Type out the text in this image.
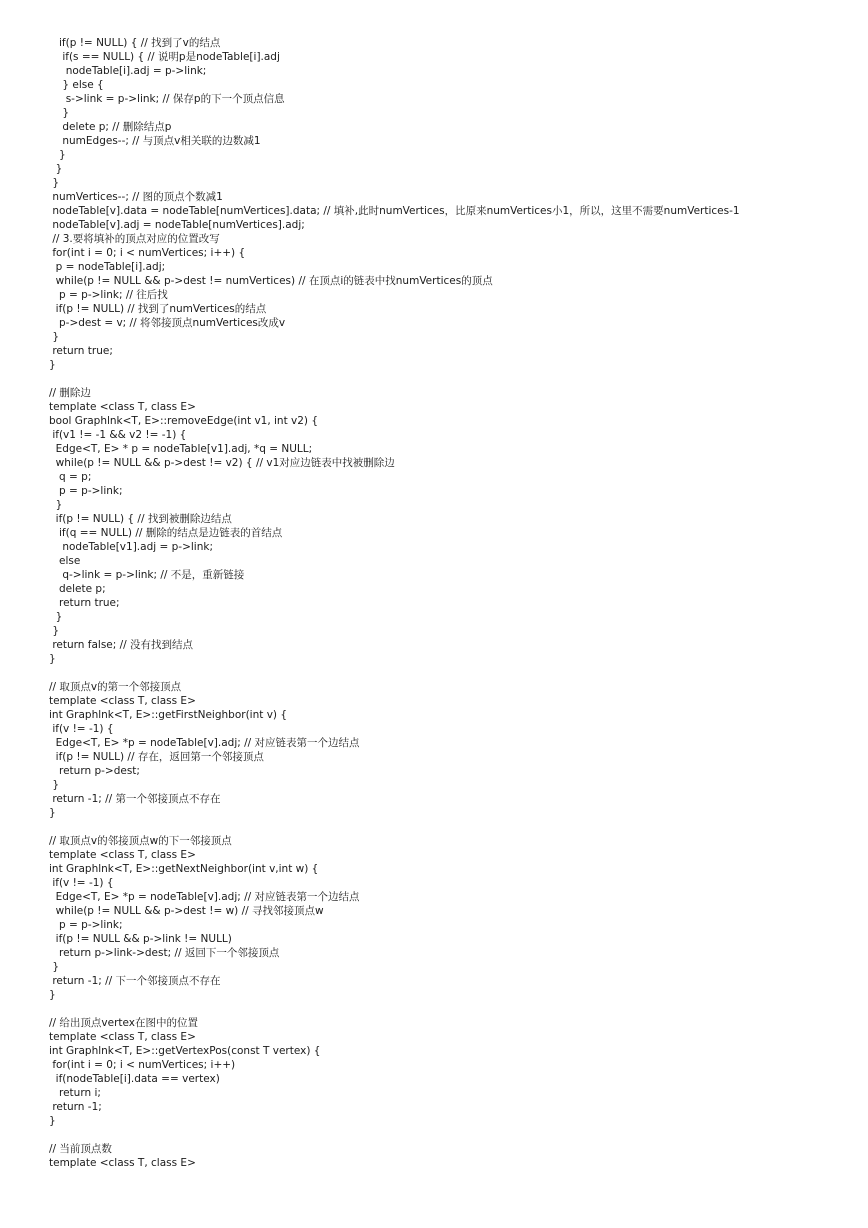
if(p != NULL) { // 找到了v的结点
if(s == NULL) { // 说明p是nodeTable[i].adj
nodeTable[i].adj = p->link;
} else {
s->link = p->link; // 保存p的下一个顶点信息
}
delete p; // 删除结点p
numEdges--; // 与顶点v相关联的边数减1
}
}
}
numVertices--; // 图的顶点个数减1
nodeTable[v].data = nodeTable[numVertices].data; // 填补,此时numVertices，比原来numVertices小1，所以，这里不需要numVertices-1
nodeTable[v].adj = nodeTable[numVertices].adj;
// 3.要将填补的顶点对应的位置改写
for(int i = 0; i < numVertices; i++) {
p = nodeTable[i].adj;
while(p != NULL && p->dest != numVertices) // 在顶点i的链表中找numVertices的顶点
p = p->link; // 往后找
if(p != NULL) // 找到了numVertices的结点
p->dest = v; // 将邻接顶点numVertices改成v
}
return true;
}
// 删除边
template <class T, class E>
bool Graphlnk<T, E>::removeEdge(int v1, int v2) {
if(v1 != -1 && v2 != -1) {
Edge<T, E> * p = nodeTable[v1].adj, *q = NULL;
while(p != NULL && p->dest != v2) { // v1对应边链表中找被删除边
q = p;
p = p->link;
}
if(p != NULL) { // 找到被删除边结点
if(q == NULL) // 删除的结点是边链表的首结点
nodeTable[v1].adj = p->link;
else
q->link = p->link; // 不是，重新链接
delete p;
return true;
}
}
return false; // 没有找到结点
}
// 取顶点v的第一个邻接顶点
template <class T, class E>
int Graphlnk<T, E>::getFirstNeighbor(int v) {
if(v != -1) {
Edge<T, E> *p = nodeTable[v].adj; // 对应链表第一个边结点
if(p != NULL) // 存在，返回第一个邻接顶点
return p->dest;
}
return -1; // 第一个邻接顶点不存在
}
// 取顶点v的邻接顶点w的下一邻接顶点
template <class T, class E>
int Graphlnk<T, E>::getNextNeighbor(int v,int w) {
if(v != -1) {
Edge<T, E> *p = nodeTable[v].adj; // 对应链表第一个边结点
while(p != NULL && p->dest != w) // 寻找邻接顶点w
p = p->link;
if(p != NULL && p->link != NULL)
return p->link->dest; // 返回下一个邻接顶点
}
return -1; // 下一个邻接顶点不存在
}
// 给出顶点vertex在图中的位置
template <class T, class E>
int Graphlnk<T, E>::getVertexPos(const T vertex) {
for(int i = 0; i < numVertices; i++)
if(nodeTable[i].data == vertex)
return i;
return -1;
}
// 当前顶点数
template <class T, class E>
